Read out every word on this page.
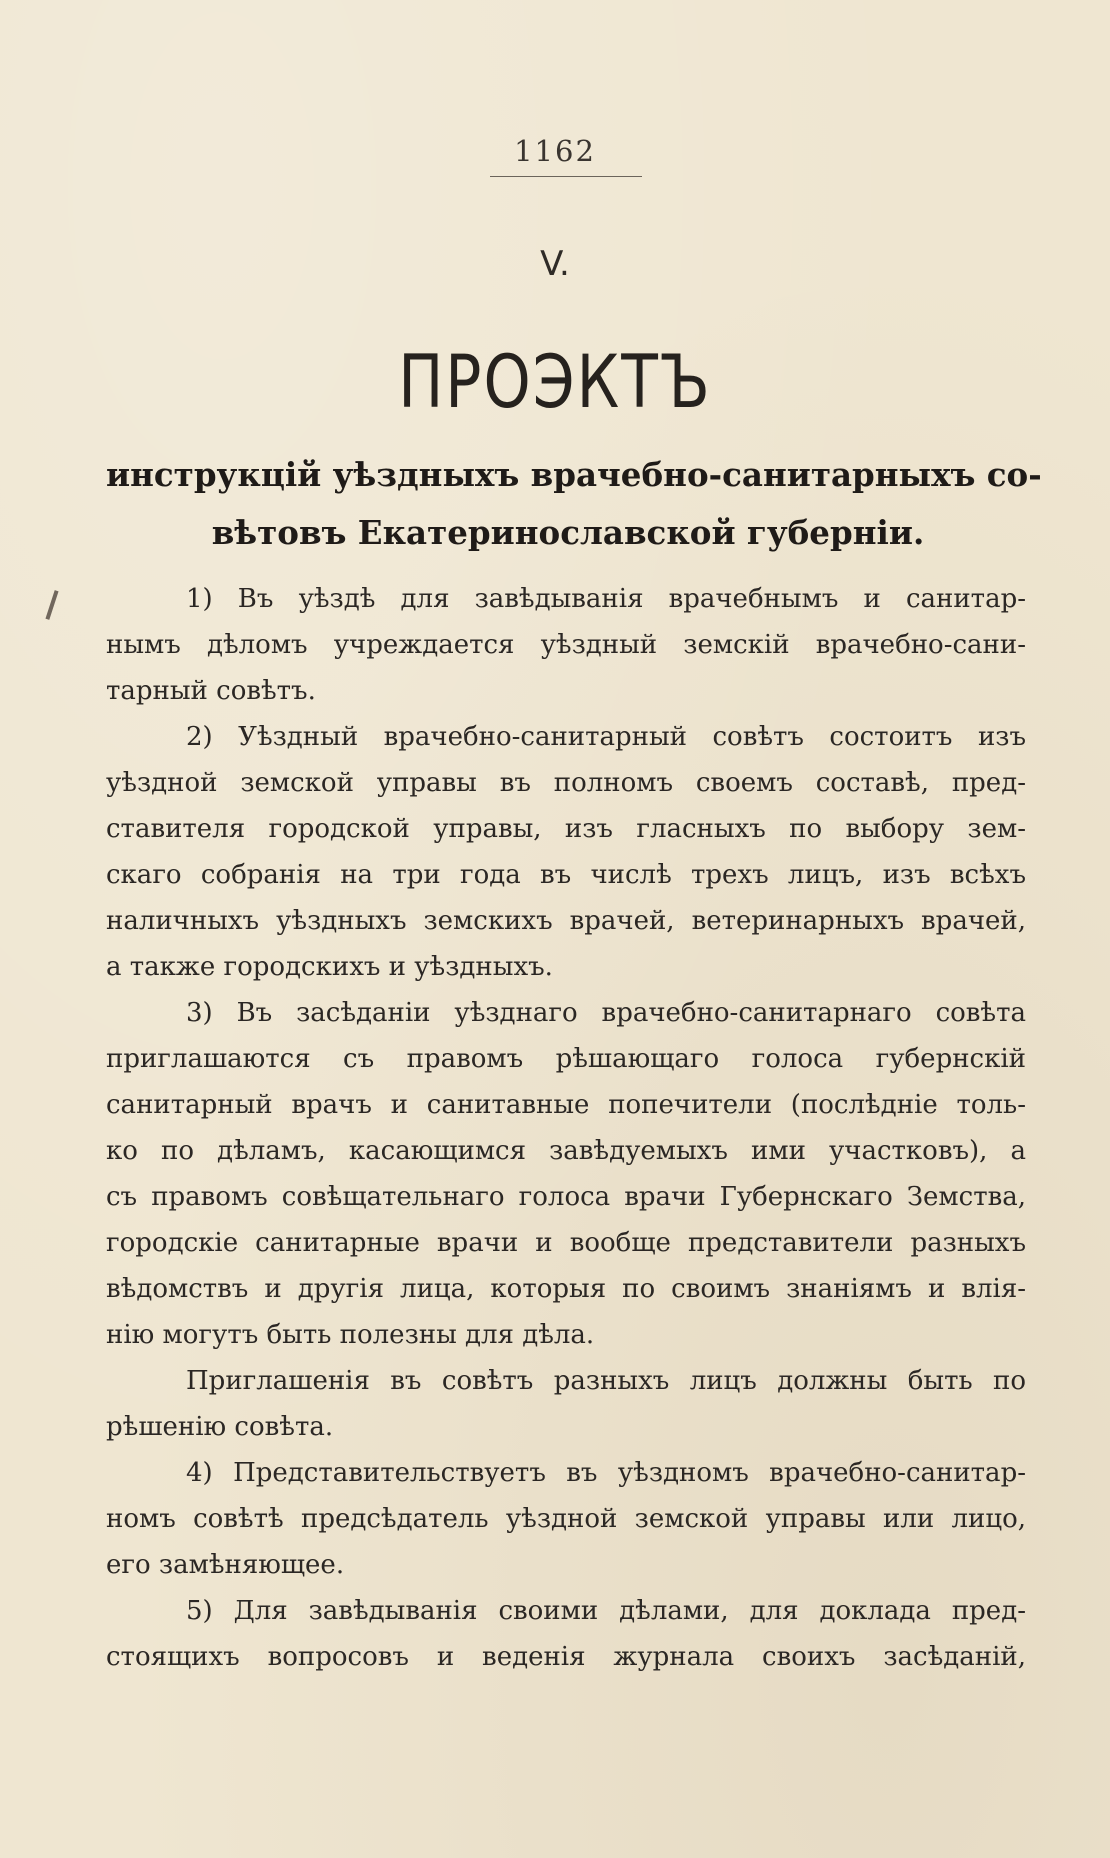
1162
V.
ПРОЭКТЪ
инструкцій уѣздныхъ врачебно-санитарныхъ со-
вѣтовъ Екатеринославской губерніи.
1) Въ уѣздѣ для завѣдыванія врачебнымъ и санитар-
нымъ дѣломъ учреждается уѣздный земскій врачебно-сани-
тарный совѣтъ.
2) Уѣздный врачебно-санитарный совѣтъ состоитъ изъ
уѣздной земской управы въ полномъ своемъ составѣ, пред-
ставителя городской управы, изъ гласныхъ по выбору зем-
скаго собранія на три года въ числѣ трехъ лицъ, изъ всѣхъ
наличныхъ уѣздныхъ земскихъ врачей, ветеринарныхъ врачей,
а также городскихъ и уѣздныхъ.
3) Въ засѣданіи уѣзднаго врачебно-санитарнаго совѣта
приглашаются съ правомъ рѣшающаго голоса губернскій
санитарный врачъ и санитавные попечители (послѣдніе толь-
ко по дѣламъ, касающимся завѣдуемыхъ ими участковъ), а
съ правомъ совѣщательнаго голоса врачи Губернскаго Земства,
городскіе санитарные врачи и вообще представители разныхъ
вѣдомствъ и другія лица, которыя по своимъ знаніямъ и влія-
нію могутъ быть полезны для дѣла.
Приглашенія въ совѣтъ разныхъ лицъ должны быть по
рѣшенію совѣта.
4) Представительствуетъ въ уѣздномъ врачебно-санитар-
номъ совѣтѣ предсѣдатель уѣздной земской управы или лицо,
его замѣняющее.
5) Для завѣдыванія своими дѣлами, для доклада пред-
стоящихъ вопросовъ и веденія журнала своихъ засѣданій,
